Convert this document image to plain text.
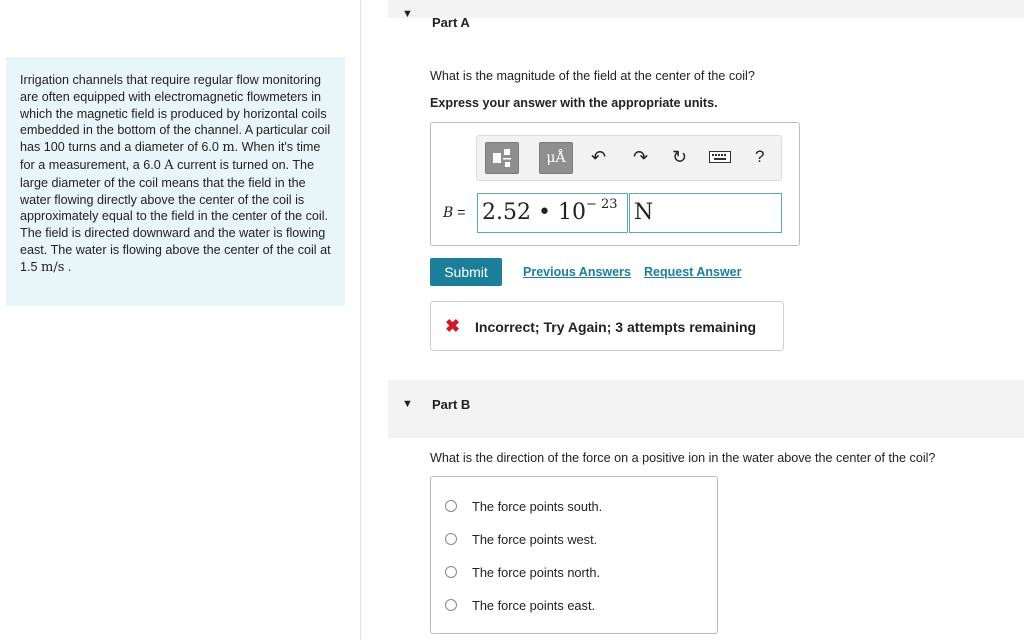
Irrigation channels that require regular flow monitoring are often equipped with electromagnetic flowmeters in which the magnetic field is produced by horizontal coils embedded in the bottom of the channel. A particular coil has 100 turns and a diameter of 6.0 m. When it's time for a measurement, a 6.0 A current is turned on. The large diameter of the coil means that the field in the water flowing directly above the center of the coil is approximately equal to the field in the center of the coil. The field is directed downward and the water is flowing east. The water is flowing above the center of the coil at 1.5 m/s .
▼
Part A
What is the magnitude of the field at the center of the coil?
Express your answer with the appropriate units.
μÅ	↶ ↷ ↻	?
B = 2.52 • 10 − 23 N
Submit	Previous Answers Request Answer
✖ Incorrect; Try Again; 3 attempts remaining
▼ Part B
What is the direction of the force on a positive ion in the water above the center of the coil?
The force points south.
The force points west.
The force points north.
The force points east.
